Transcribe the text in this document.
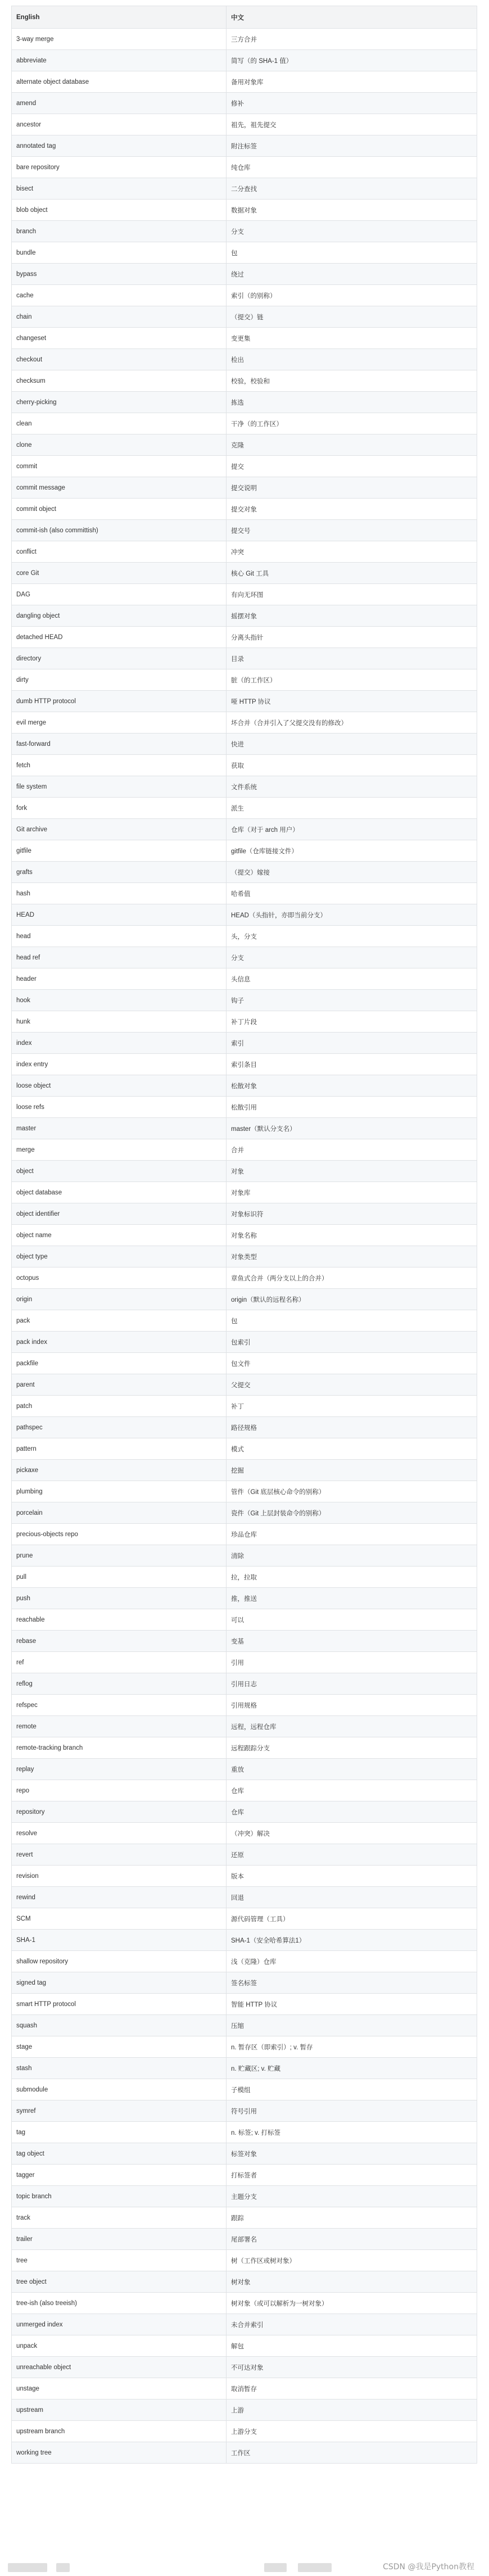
English	中文
3-way merge	三方合并
abbreviate	简写（的 SHA-1 值）
alternate object database	备用对象库
amend	修补
ancestor	祖先，祖先提交
annotated tag	附注标签
bare repository	纯仓库
bisect	二分查找
blob object	数据对象
branch	分支
bundle	包
bypass	绕过
cache	索引（的别称）
chain	（提交）链
changeset	变更集
checkout	检出
checksum	校验，校验和
cherry-picking	拣选
clean	干净（的工作区）
clone	克隆
commit	提交
commit message	提交说明
commit object	提交对象
commit-ish (also committish)	提交号
conflict	冲突
core Git	核心 Git 工具
DAG	有向无环图
dangling object	摇摆对象
detached HEAD	分离头指针
directory	目录
dirty	脏（的工作区）
dumb HTTP protocol	哑 HTTP 协议
evil merge	坏合并（合并引入了父提交没有的修改）
fast-forward	快进
fetch	获取
file system	文件系统
fork	派生
Git archive	仓库（对于 arch 用户）
gitfile	gitfile（仓库链接文件）
grafts	（提交）嫁接
hash	哈希值
HEAD	HEAD（头指针，亦即当前分支）
head	头，分支
head ref	分支
header	头信息
hook	钩子
hunk	补丁片段
index	索引
index entry	索引条目
loose object	松散对象
loose refs	松散引用
master	master（默认分支名）
merge	合并
object	对象
object database	对象库
object identifier	对象标识符
object name	对象名称
object type	对象类型
octopus	章鱼式合并（两分支以上的合并）
origin	origin（默认的远程名称）
pack	包
pack index	包索引
packfile	包文件
parent	父提交
patch	补丁
pathspec	路径规格
pattern	模式
pickaxe	挖掘
plumbing	管件（Git 底层核心命令的别称）
porcelain	瓷件（Git 上层封装命令的别称）
precious-objects repo	珍品仓库
prune	清除
pull	拉，拉取
push	推，推送
reachable	可以
rebase	变基
ref	引用
reflog	引用日志
refspec	引用规格
remote	远程，远程仓库
remote-tracking branch	远程跟踪分支
replay	重放
repo	仓库
repository	仓库
resolve	（冲突）解决
revert	还原
revision	版本
rewind	回退
SCM	源代码管理（工具）
SHA-1	SHA-1（安全哈希算法1）
shallow repository	浅（克隆）仓库
signed tag	签名标签
smart HTTP protocol	智能 HTTP 协议
squash	压缩
stage	n. 暂存区（即索引）; v. 暂存
stash	n. 贮藏区; v. 贮藏
submodule	子模组
symref	符号引用
tag	n. 标签; v. 打标签
tag object	标签对象
tagger	打标签者
topic branch	主题分支
track	跟踪
trailer	尾部署名
tree	树（工作区或树对象）
tree object	树对象
tree-ish (also treeish)	树对象（或可以解析为一树对象）
unmerged index	未合并索引
unpack	解包
unreachable object	不可达对象
unstage	取消暂存
upstream	上游
upstream branch	上游分支
working tree	工作区
CSDN @我是Python教程
